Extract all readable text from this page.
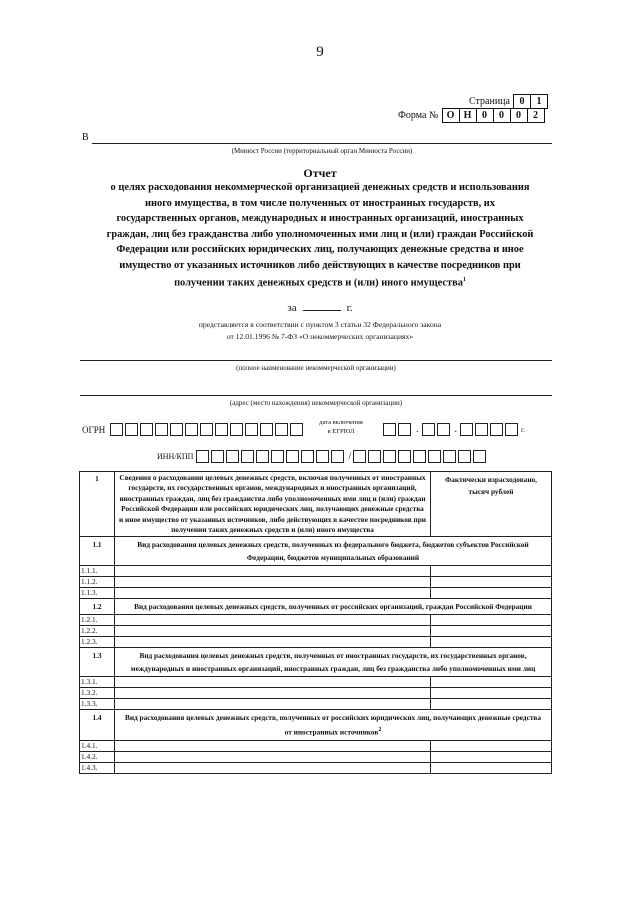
9
Страница 0	1
Форма № О Н	0	0	0	2
В
(Минюст России (территориальный орган Минюста России)
Отчет
о целях расходования некоммерческой организацией денежных средств и использования
иного имущества, в том числе полученных от иностранных государств, их
государственных органов, международных и иностранных организаций, иностранных
граждан, лиц без гражданства либо уполномоченных ими лиц и (или) граждан Российской
Федерации или российских юридических лиц, получающих денежные средства и иное
имущество от указанных источников либо действующих в качестве посредников при
получении таких денежных средств и (или) иного имущества$^1$
за	г.
представляется в соответствии с пунктом 3 статьи 32 Федерального закона
от 12.01.1996 № 7-ФЗ «О некоммерческих организациях»
(полное наименование некоммерческой организации)
(адрес (место нахождения) некоммерческой организации)
ОГРН
дата включения
в ЕГРЮЛ	.	.	г.
ИНН/КПП	/
1	Сведения о расходовании целевых денежных средств, включая полученных от иностранных государств, их государственных органов, международных и иностранных организаций, иностранных граждан, лиц без гражданства либо уполномоченных ими лиц и (или) граждан Российской Федерации или российских юридических лиц, получающих денежные средства и иное имущество от указанных источников, либо действующих в качестве посредников при получении таких денежных средств и (или) иного имущества	Фактически израсходовано, тысяч рублей
1.1	Вид расходования целевых денежных средств, полученных из федерального бюджета, бюджетов субъектов Российской Федерации, бюджетов муниципальных образований	
1.1.1.		
1.1.2.		
1.1.3.		
1.2	Вид расходования целевых денежных средств, полученных от российских организаций, граждан Российской Федерации	
1.2.1.		
1.2.2.		
1.2.3.		
1.3	Вид расходования целевых денежных средств, полученных от иностранных государств, их государственных органов, международных и иностранных организаций, иностранных граждан, лиц без гражданства либо уполномоченных ими лиц	
1.3.1.		
1.3.2.		
1.3.3.		
1.4	Вид расходования целевых денежных средств, полученных от российских юридических лиц, получающих денежные средства от иностранных источников$^2$
1.4.1.		
1.4.2.		
1.4.3.		
